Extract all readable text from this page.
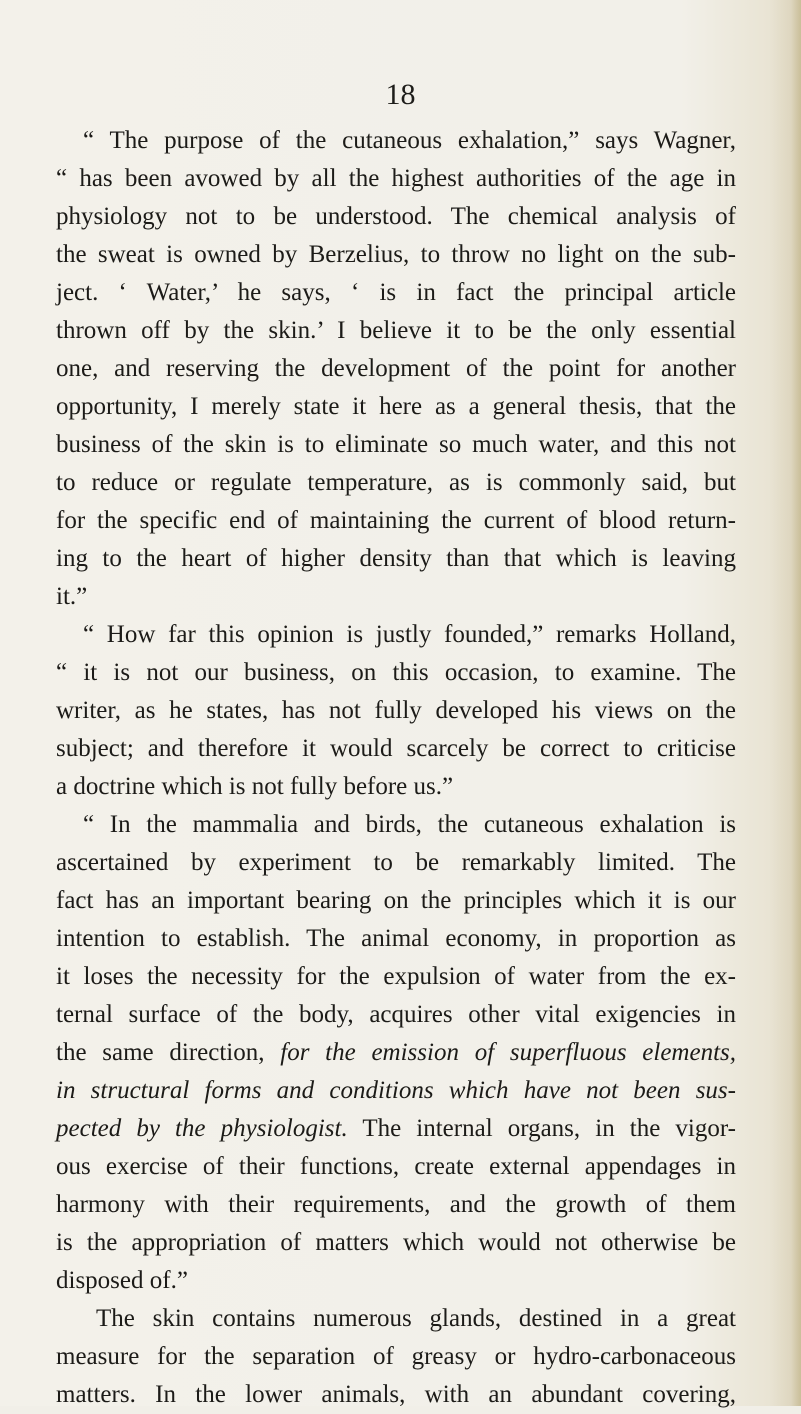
18

“ The purpose of the cutaneous exhalation,” says Wagner,
“ has been avowed by all the highest authorities of the age in
physiology not to be understood. The chemical analysis of
the sweat is owned by Berzelius, to throw no light on the sub-
ject. ‘ Water,’ he says, ‘ is in fact the principal article
thrown off by the skin.’ I believe it to be the only essential
one, and reserving the development of the point for another
opportunity, I merely state it here as a general thesis, that the
business of the skin is to eliminate so much water, and this not
to reduce or regulate temperature, as is commonly said, but
for the specific end of maintaining the current of blood return-
ing to the heart of higher density than that which is leaving
it.”
“ How far this opinion is justly founded,” remarks Holland,
“ it is not our business, on this occasion, to examine. The
writer, as he states, has not fully developed his views on the
subject; and therefore it would scarcely be correct to criticise
a doctrine which is not fully before us.”
“ In the mammalia and birds, the cutaneous exhalation is
ascertained by experiment to be remarkably limited. The
fact has an important bearing on the principles which it is our
intention to establish. The animal economy, in proportion as
it loses the necessity for the expulsion of water from the ex-
ternal surface of the body, acquires other vital exigencies in
the same direction, for the emission of superfluous elements,
in structural forms and conditions which have not been sus-
pected by the physiologist. The internal organs, in the vigor-
ous exercise of their functions, create external appendages in
harmony with their requirements, and the growth of them
is the appropriation of matters which would not otherwise be
disposed of.”
The skin contains numerous glands, destined in a great
measure for the separation of greasy or hydro-carbonaceous
matters. In the lower animals, with an abundant covering,
